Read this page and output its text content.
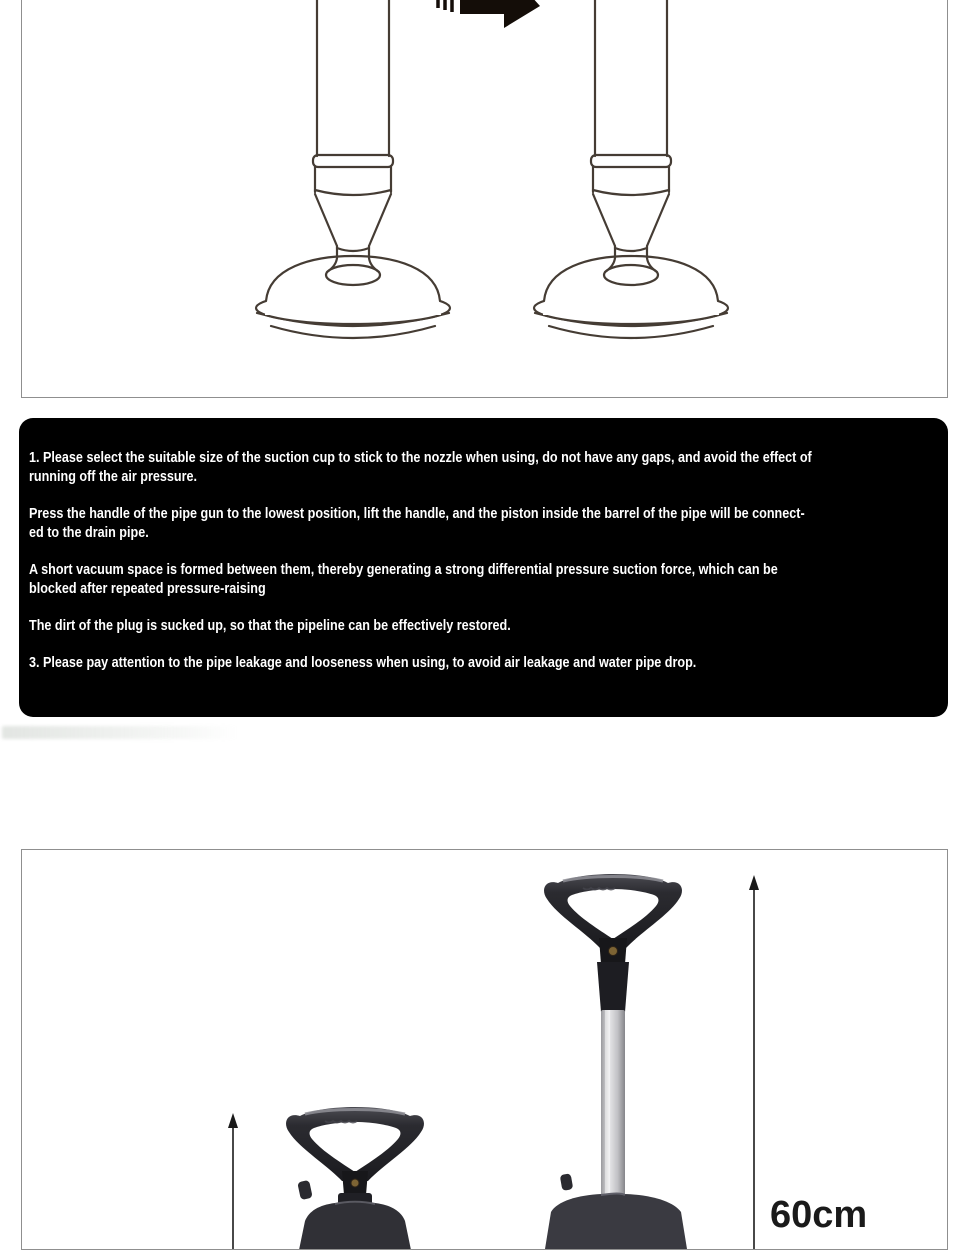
1. Please select the suitable size of the suction cup to stick to the nozzle when using, do not have any gaps, and avoid the effect of
running off the air pressure.
Press the handle of the pipe gun to the lowest position, lift the handle, and the piston inside the barrel of the pipe will be connect-
ed to the drain pipe.
A short vacuum space is formed between them, thereby generating a strong differential pressure suction force, which can be
blocked after repeated pressure-raising
The dirt of the plug is sucked up, so that the pipeline can be effectively restored.
3. Please pay attention to the pipe leakage and looseness when using, to avoid air leakage and water pipe drop.
60cm
